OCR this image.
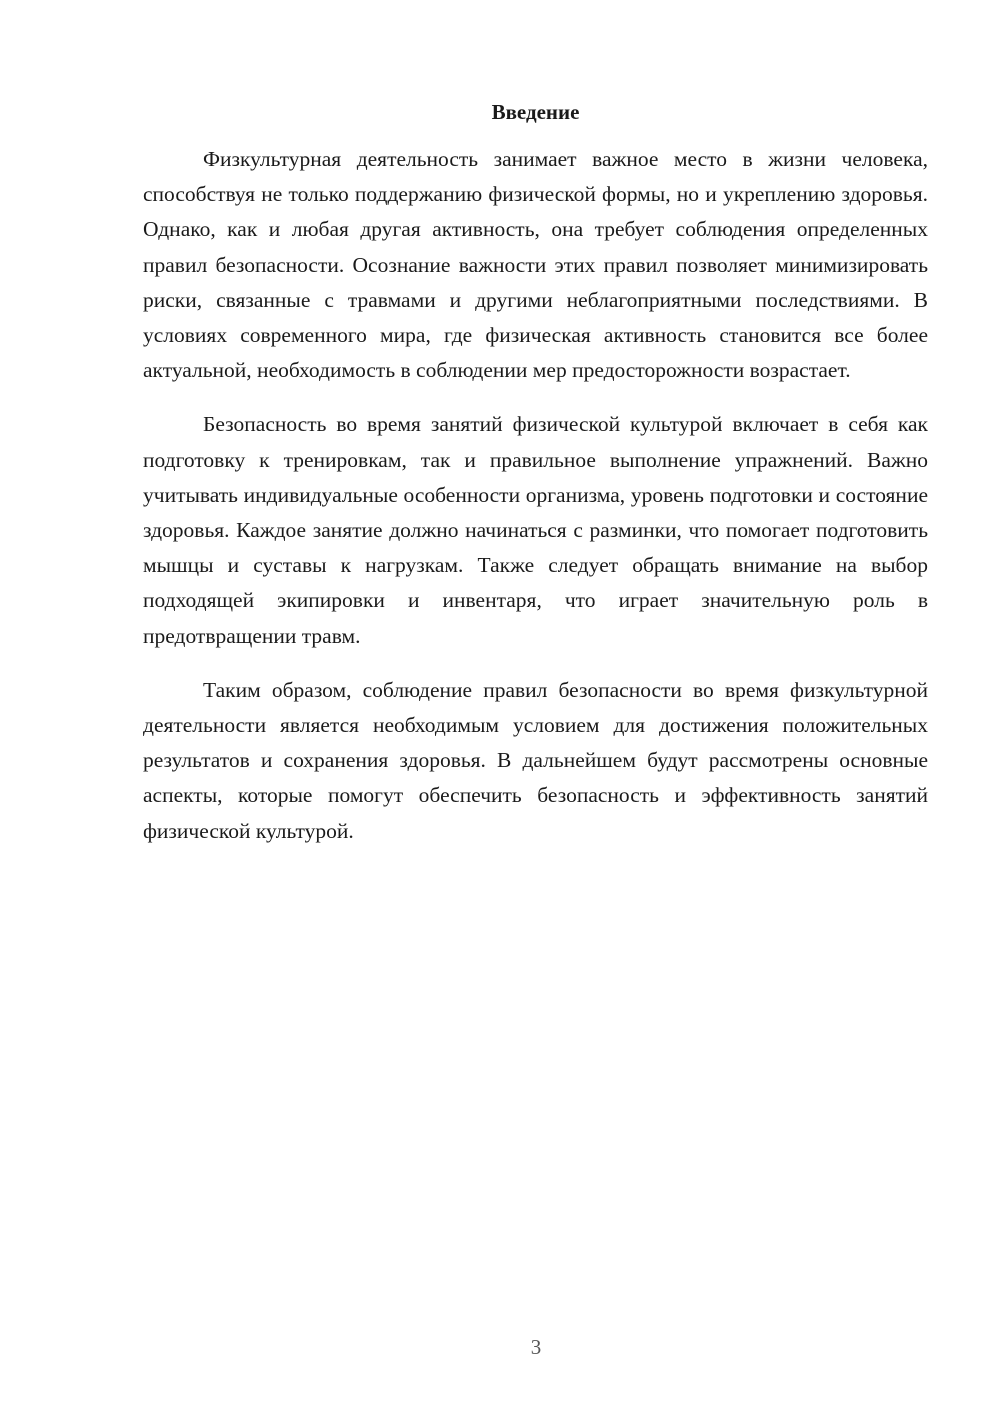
Введение

Физкультурная деятельность занимает важное место в жизни человека, способствуя не только поддержанию физической формы, но и укреплению здоровья. Однако, как и любая другая активность, она требует соблюдения определенных правил безопасности. Осознание важности этих правил позволяет минимизировать риски, связанные с травмами и другими неблагоприятными последствиями. В условиях современного мира, где физическая активность становится все более актуальной, необходимость в соблюдении мер предосторожности возрастает.

Безопасность во время занятий физической культурой включает в себя как подготовку к тренировкам, так и правильное выполнение упражнений. Важно учитывать индивидуальные особенности организма, уровень подготовки и состояние здоровья. Каждое занятие должно начинаться с разминки, что помогает подготовить мышцы и суставы к нагрузкам. Также следует обращать внимание на выбор подходящей экипировки и инвентаря, что играет значительную роль в предотвращении травм.

Таким образом, соблюдение правил безопасности во время физкультурной деятельности является необходимым условием для достижения положительных результатов и сохранения здоровья. В дальнейшем будут рассмотрены основные аспекты, которые помогут обеспечить безопасность и эффективность занятий физической культурой.

3
